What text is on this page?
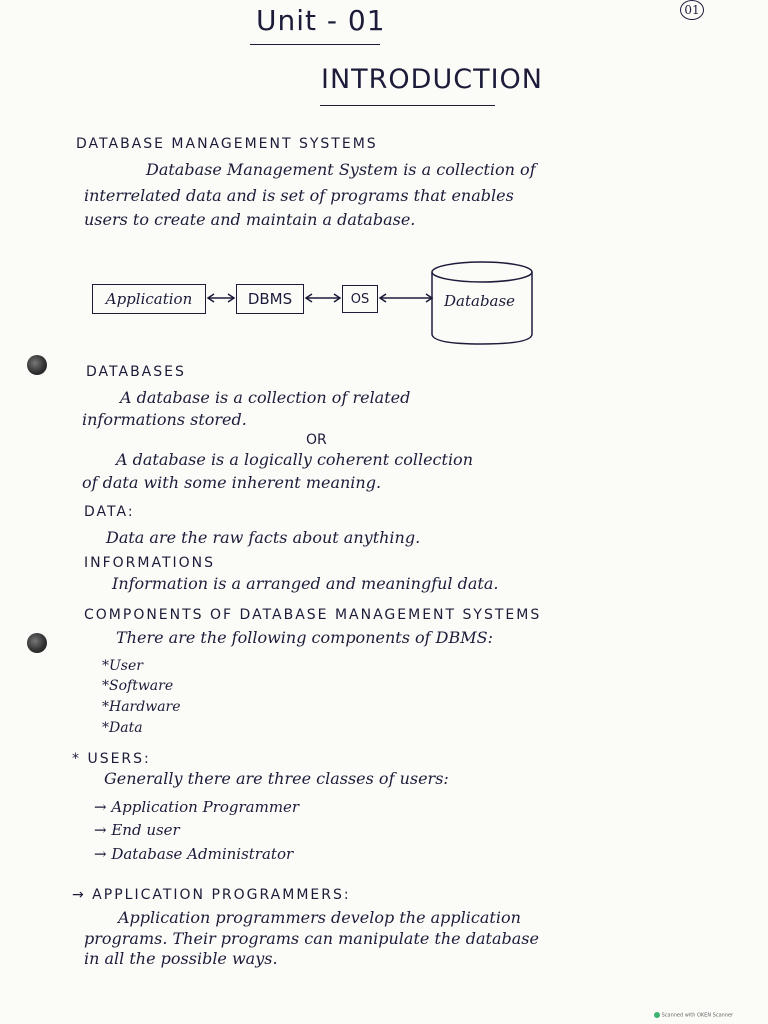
01
Unit - 01
INTRODUCTION
DATABASE MANAGEMENT SYSTEMS
Database Management System is a collection of
interrelated data and is set of programs that enables
users to create and maintain a database.
Application	DBMS	OS	Database
DATABASES
A database is a collection of related
informations stored.
OR
A database is a logically coherent collection
of data with some inherent meaning.
DATA:
Data are the raw facts about anything.
INFORMATIONS
Information is a arranged and meaningful data.
COMPONENTS OF DATABASE MANAGEMENT SYSTEMS
There are the following components of DBMS:
*User
*Software
*Hardware
*Data
* USERS:
Generally there are three classes of users:
→ Application Programmer
→ End user
→ Database Administrator
→ APPLICATION PROGRAMMERS:
Application programmers develop the application
programs. Their programs can manipulate the database
in all the possible ways.
Scanned with OKEN Scanner
